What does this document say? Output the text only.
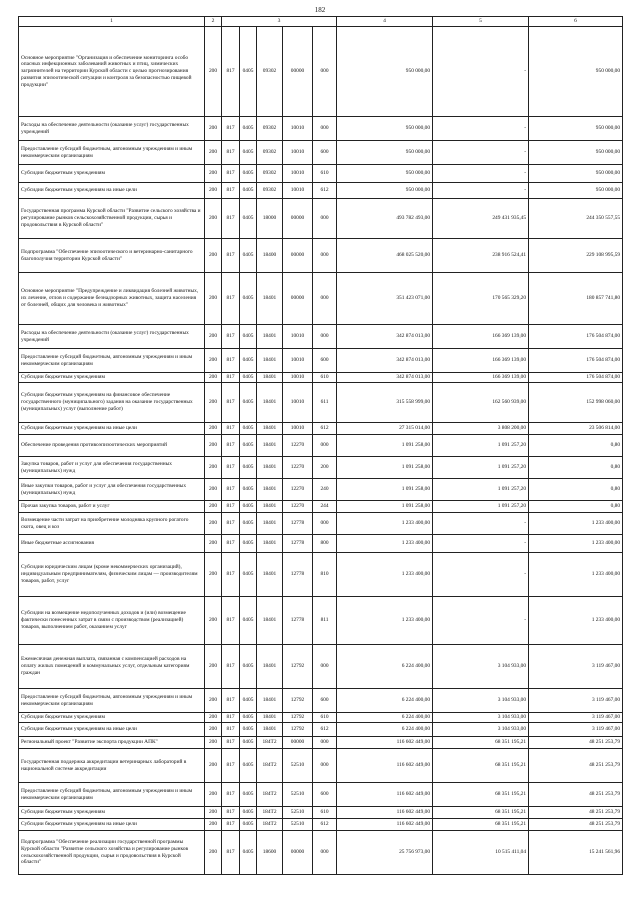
182
1	2	3					4	5	6
Основное мероприятие "Организация и обеспечение мониторинга особо опасных инфекционных заболеваний животных и птиц, химических загрязнителей на территории Курской области с целью прогнозирования развития эпизоотической ситуации и контроля за безопасностью пищевой продукции"	200	817	0405	09302	00000	000	950 000,00	-	950 000,00
Расходы на обеспечение деятельности (оказание услуг) государственных учреждений	200	817	0405	09302	10010	000	950 000,00	-	950 000,00
Предоставление субсидий бюджетным, автономным учреждениям и иным некоммерческим организациям	200	817	0405	09302	10010	600	950 000,00	-	950 000,00
Субсидии бюджетным учреждениям	200	817	0405	09302	10010	610	950 000,00	-	950 000,00
Субсидии бюджетным учреждениям на иные цели	200	817	0405	09302	10010	612	950 000,00	-	950 000,00
Государственная программа Курской области "Развитие сельского хозяйства и регулирование рынков сельскохозяйственной продукции, сырья и продовольствия в Курской области"	200	817	0405	18000	00000	000	493 782 493,00	249 431 935,45	244 350 557,55
Подпрограмма "Обеспечение эпизоотического и ветеринарно-санитарного благополучия территории Курской области"	200	817	0405	18400	00000	000	468 025 520,00	238 916 524,41	229 108 995,59
Основное мероприятие "Предупреждение и ликвидация болезней животных, их лечение, отлов и содержание безнадзорных животных, защита населения от болезней, общих для человека и животных"	200	817	0405	18401	00000	000	351 423 071,00	170 565 329,20	180 857 741,80
Расходы на обеспечение деятельности (оказание услуг) государственных учреждений	200	817	0405	18401	10010	000	342 874 013,00	166 369 139,00	176 504 874,00
Предоставление субсидий бюджетным, автономным учреждениям и иным некоммерческим организациям	200	817	0405	18401	10010	600	342 874 013,00	166 369 139,00	176 504 874,00
Субсидии бюджетным учреждениям	200	817	0405	18401	10010	610	342 874 013,00	166 369 139,00	176 504 874,00
Субсидии бюджетным учреждениям на финансовое обеспечение государственного (муниципального) задания на оказание государственных (муниципальных) услуг (выполнение работ)	200	817	0405	18401	10010	611	315 558 999,00	162 560 939,00	152 998 060,00
Субсидии бюджетным учреждениям на иные цели	200	817	0405	18401	10010	612	27 315 014,00	3 808 200,00	23 506 814,00
Обеспечение проведения противоэпизоотических мероприятий	200	817	0405	18401	12270	000	1 091 258,00	1 091 257,20	0,80
Закупка товаров, работ и услуг для обеспечения государственных (муниципальных) нужд	200	817	0405	18401	12270	200	1 091 258,00	1 091 257,20	0,80
Иные закупки товаров, работ и услуг для обеспечения государственных (муниципальных) нужд	200	817	0405	18401	12270	240	1 091 258,00	1 091 257,20	0,80
Прочая закупка товаров, работ и услуг	200	817	0405	18401	12270	244	1 091 258,00	1 091 257,20	0,80
Возмещение части затрат на приобретение молодняка крупного рогатого скота, овец и коз	200	817	0405	18401	12778	000	1 233 400,00	-	1 233 400,00
Иные бюджетные ассигнования	200	817	0405	18401	12778	800	1 233 400,00	-	1 233 400,00
Субсидии юридическим лицам (кроме некоммерческих организаций), индивидуальным предпринимателям, физическим лицам — производителям товаров, работ, услуг	200	817	0405	18401	12778	810	1 233 400,00	-	1 233 400,00
Субсидии на возмещение недополученных доходов и (или) возмещение фактически понесенных затрат в связи с производством (реализацией) товаров, выполнением работ, оказанием услуг	200	817	0405	18401	12778	811	1 233 400,00	-	1 233 400,00
Ежемесячная денежная выплата, связанная с компенсацией расходов на оплату жилых помещений и коммунальных услуг, отдельным категориям граждан	200	817	0405	18401	12792	000	6 224 400,00	3 104 933,00	3 119 467,00
Предоставление субсидий бюджетным, автономным учреждениям и иным некоммерческим организациям	200	817	0405	18401	12792	600	6 224 400,00	3 104 933,00	3 119 467,00
Субсидии бюджетным учреждениям	200	817	0405	18401	12792	610	6 224 400,00	3 104 933,00	3 119 467,00
Субсидии бюджетным учреждениям на иные цели	200	817	0405	18401	12792	612	6 224 400,00	3 104 933,00	3 119 467,00
Региональный проект "Развитие экспорта продукции АПК"	200	817	0405	184T2	00000	000	116 602 449,00	68 351 195,21	48 251 253,79
Государственная поддержка аккредитации ветеринарных лабораторий в национальной системе аккредитации	200	817	0405	184T2	52510	000	116 602 449,00	68 351 195,21	48 251 253,79
Предоставление субсидий бюджетным, автономным учреждениям и иным некоммерческим организациям	200	817	0405	184T2	52510	600	116 602 449,00	68 351 195,21	48 251 253,79
Субсидии бюджетным учреждениям	200	817	0405	184T2	52510	610	116 602 449,00	68 351 195,21	48 251 253,79
Субсидии бюджетным учреждениям на иные цели	200	817	0405	184T2	52510	612	116 602 449,00	68 351 195,21	48 251 253,79
Подпрограмма "Обеспечение реализации государственной программы Курской области "Развитие сельского хозяйства и регулирование рынков сельскохозяйственной продукции, сырья и продовольствия в Курской области"	200	817	0405	18600	00000	000	25 756 973,00	10 515 411,04	15 241 561,96
